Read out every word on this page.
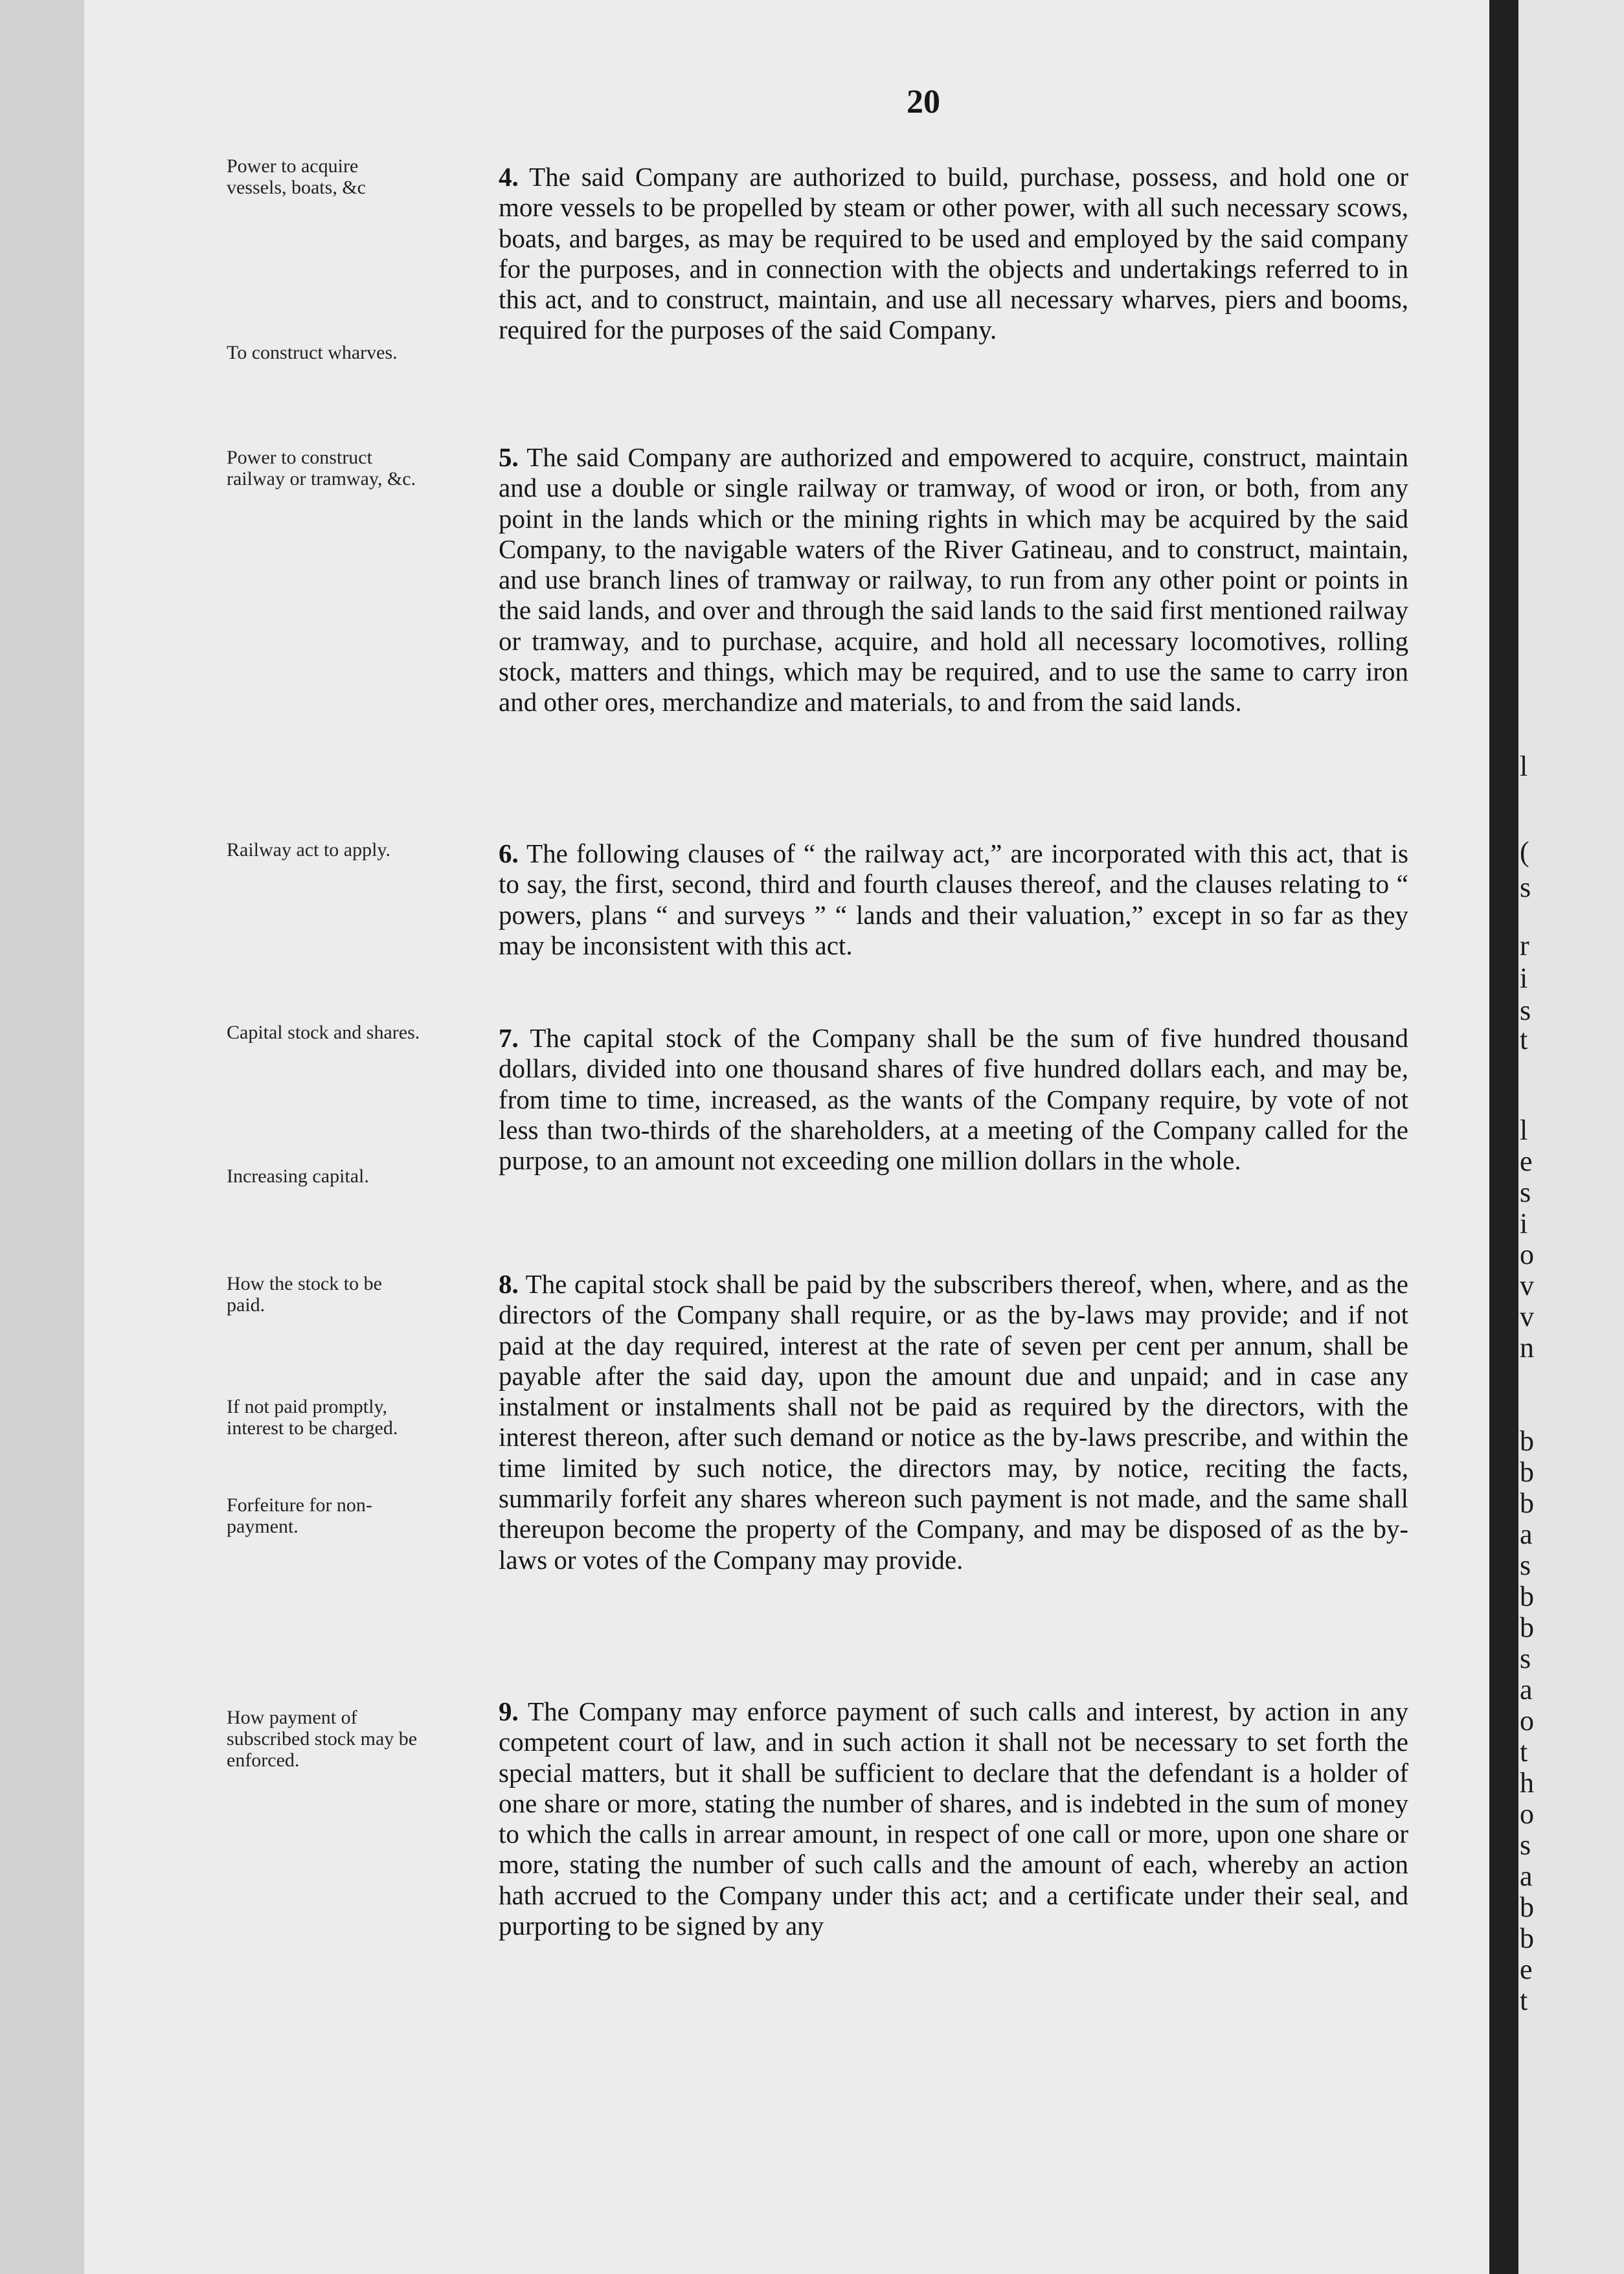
20

4. The said Company are authorized to build, purchase, possess, and hold one or more vessels to be propelled by steam or other power, with all such necessary scows, boats, and barges, as may be required to be used and employed by the said company for the purposes, and in connection with the objects and undertakings referred to in this act, and to construct, maintain, and use all necessary wharves, piers and booms, required for the purposes of the said Company.

5. The said Company are authorized and empowered to acquire, construct, maintain and use a double or single railway or tramway, of wood or iron, or both, from any point in the lands which or the mining rights in which may be acquired by the said Company, to the navigable waters of the River Gatineau, and to construct, maintain, and use branch lines of tramway or railway, to run from any other point or points in the said lands, and over and through the said lands to the said first mentioned railway or tramway, and to purchase, acquire, and hold all necessary locomotives, rolling stock, matters and things, which may be required, and to use the same to carry iron and other ores, merchandize and materials, to and from the said lands.

6. The following clauses of “ the railway act,” are incorporated with this act, that is to say, the first, second, third and fourth clauses thereof, and the clauses relating to “ powers, plans “ and surveys ” “ lands and their valuation,” except in so far as they may be inconsistent with this act.

7. The capital stock of the Company shall be the sum of five hundred thousand dollars, divided into one thousand shares of five hundred dollars each, and may be, from time to time, increased, as the wants of the Company require, by vote of not less than two-thirds of the shareholders, at a meeting of the Company called for the purpose, to an amount not exceeding one million dollars in the whole.

8. The capital stock shall be paid by the subscribers thereof, when, where, and as the directors of the Company shall require, or as the by-laws may provide; and if not paid at the day required, interest at the rate of seven per cent per annum, shall be payable after the said day, upon the amount due and unpaid; and in case any instalment or instalments shall not be paid as required by the directors, with the interest thereon, after such demand or notice as the by-laws prescribe, and within the time limited by such notice, the directors may, by notice, reciting the facts, summarily forfeit any shares whereon such payment is not made, and the same shall thereupon become the property of the Company, and may be disposed of as the by-laws or votes of the Company may provide.

9. The Company may enforce payment of such calls and interest, by action in any competent court of law, and in such action it shall not be necessary to set forth the special matters, but it shall be sufficient to declare that the defendant is a holder of one share or more, stating the number of shares, and is indebted in the sum of money to which the calls in arrear amount, in respect of one call or more, upon one share or more, stating the number of such calls and the amount of each, whereby an action hath accrued to the Company under this act; and a certificate under their seal, and purporting to be signed by any

Power to acquire vessels, boats, &c

To construct wharves.

Power to construct railway or tramway, &c.

Railway act to apply.

Capital stock and shares.

Increasing capital.

How the stock to be paid.

If not paid promptly, interest to be charged.

Forfeiture for non-payment.

How payment of subscribed stock may be enforced.

l

(

s

r

i

s

t

l

e

s

i

o

v

v

n

b

b

b

a

s

b

b

s

a

o

t

h

o

s

a

b

b

e

t
